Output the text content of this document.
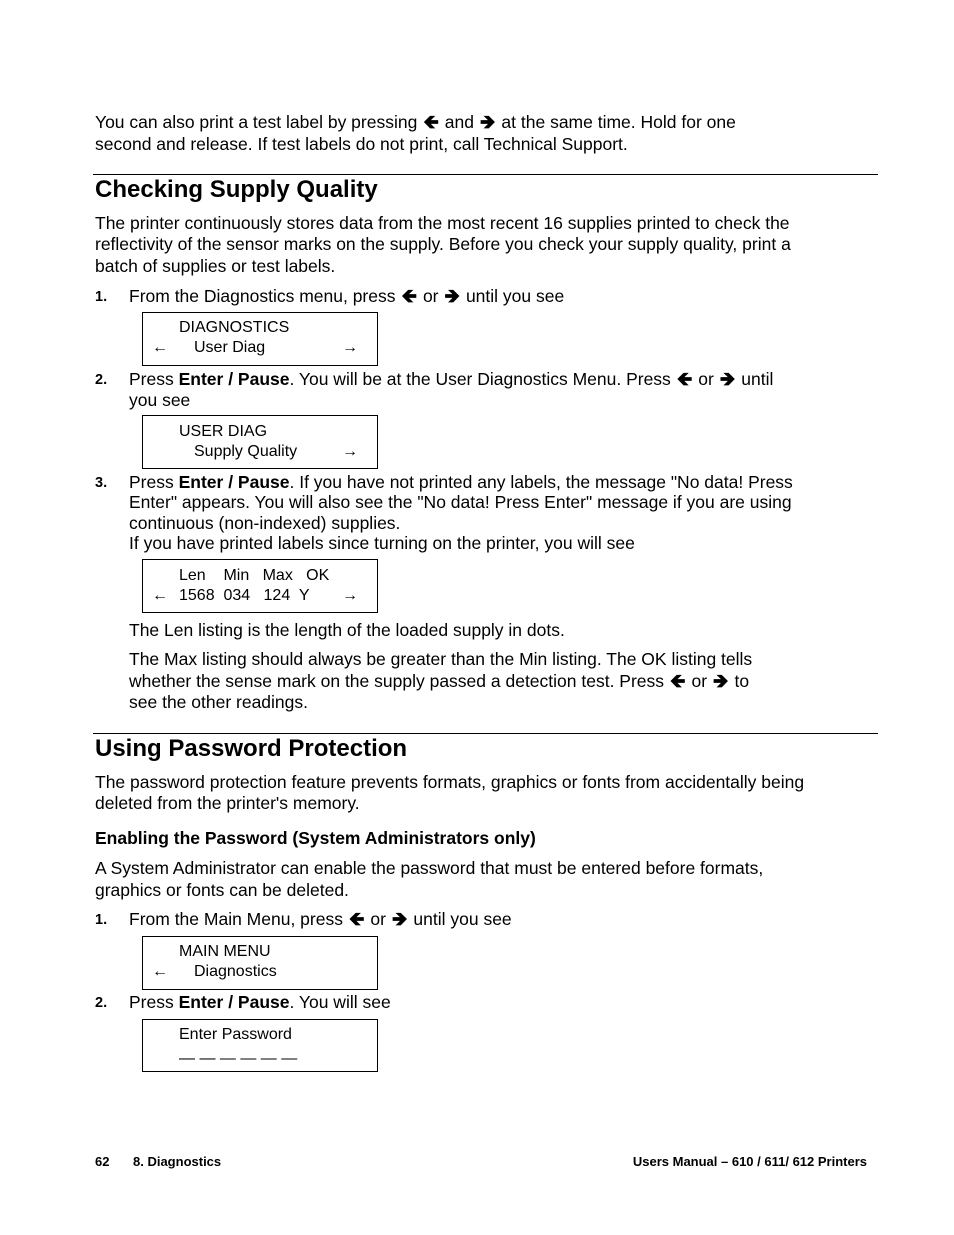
You can also print a test label by pressing 🡸 and 🡺 at the same time. Hold for one

second and release. If test labels do not print, call Technical Support.

Checking Supply Quality

The printer continuously stores data from the most recent 16 supplies printed to check the

reflectivity of the sensor marks on the supply. Before you check your supply quality, print a

batch of supplies or test labels.

1. From the Diagnostics menu, press 🡸 or 🡺 until you see

DIAGNOSTICS
← User Diag	→
2. Press Enter / Pause. You will be at the User Diagnostics Menu. Press 🡸 or 🡺 until

you see

USER DIAG
Supply Quality	→
3. Press Enter / Pause. If you have not printed any labels, the message "No data! Press

Enter" appears. You will also see the "No data! Press Enter" message if you are using

continuous (non-indexed) supplies.

If you have printed labels since turning on the printer, you will see

Len    Min   Max   OK
← 1568  034   124  Y →

The Len listing is the length of the loaded supply in dots.

The Max listing should always be greater than the Min listing. The OK listing tells

whether the sense mark on the supply passed a detection test. Press 🡸 or 🡺 to

see the other readings.

Using Password Protection

The password protection feature prevents formats, graphics or fonts from accidentally being

deleted from the printer's memory.

Enabling the Password (System Administrators only)

A System Administrator can enable the password that must be entered before formats,

graphics or fonts can be deleted.

1. From the Main Menu, press 🡸 or 🡺 until you see

MAIN MENU
← Diagnostics
2. Press Enter / Pause. You will see

Enter Password
— — — — — —
62 8. Diagnostics	Users Manual – 610 / 611/ 612 Printers
